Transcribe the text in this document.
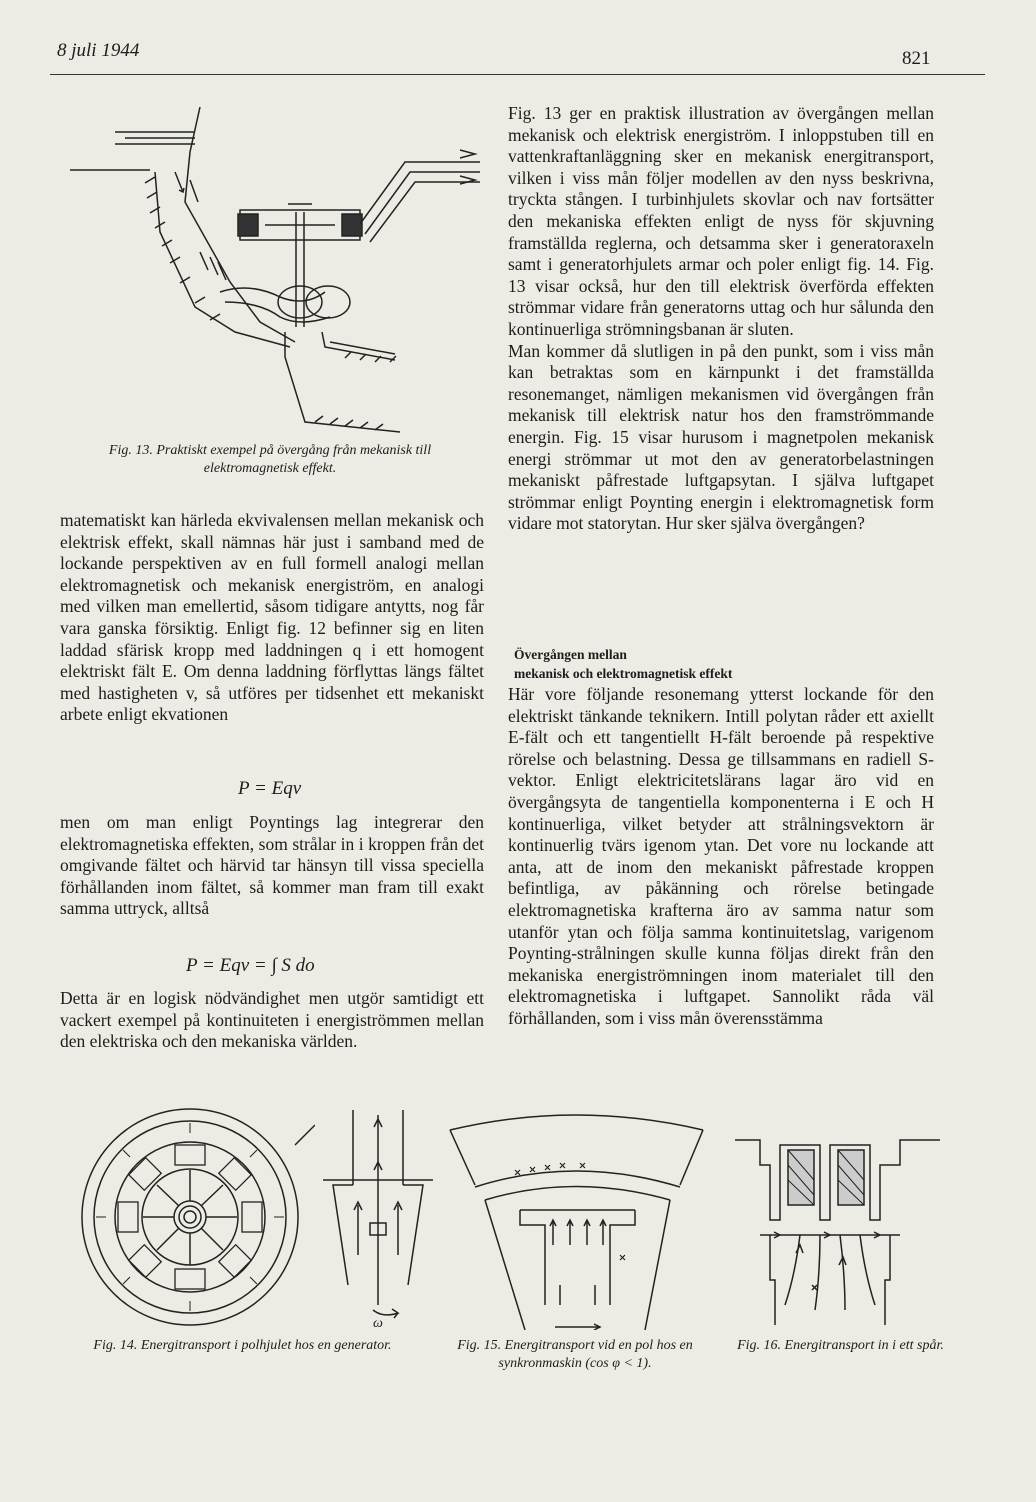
8 juli 1944	821
Fig. 13. Praktiskt exempel på övergång från mekanisk till elektromagnetisk effekt.

matematiskt kan härleda ekvivalensen mellan mekanisk och elektrisk effekt, skall nämnas här just i samband med de lockande perspektiven av en full formell analogi mellan elektromagnetisk och mekanisk energiström, en analogi med vilken man emellertid, såsom tidigare antytts, nog får vara ganska försiktig. Enligt fig. 12 befinner sig en liten laddad sfärisk kropp med laddningen q i ett homogent elektriskt fält E. Om denna laddning förflyttas längs fältet med hastigheten v, så utföres per tidsenhet ett mekaniskt arbete enligt ekvationen

P = Eqv

men om man enligt Poyntings lag integrerar den elektromagnetiska effekten, som strålar in i kroppen från det omgivande fältet och härvid tar hänsyn till vissa speciella förhållanden inom fältet, så kommer man fram till exakt samma uttryck, alltså

P = Eqv = ∫ S do

Detta är en logisk nödvändighet men utgör samtidigt ett vackert exempel på kontinuiteten i energiströmmen mellan den elektriska och den mekaniska världen.

Fig. 13 ger en praktisk illustration av övergången mellan mekanisk och elektrisk energiström. I inloppstuben till en vattenkraftanläggning sker en mekanisk energitransport, vilken i viss mån följer modellen av den nyss beskrivna, tryckta stången. I turbinhjulets skovlar och nav fortsätter den mekaniska effekten enligt de nyss för skjuvning framställda reglerna, och detsamma sker i generatoraxeln samt i generatorhjulets armar och poler enligt fig. 14. Fig. 13 visar också, hur den till elektrisk överförda effekten strömmar vidare från generatorns uttag och hur sålunda den kontinuerliga strömningsbanan är sluten.

Man kommer då slutligen in på den punkt, som i viss mån kan betraktas som en kärnpunkt i det framställda resonemanget, nämligen mekanismen vid övergången från mekanisk till elektrisk natur hos den framströmmande energin. Fig. 15 visar hurusom i magnetpolen mekanisk energi strömmar ut mot den av generatorbelastningen mekaniskt påfrestade luftgapsytan. I själva luftgapet strömmar enligt Poynting energin i elektromagnetisk form vidare mot statorytan. Hur sker själva övergången?

Övergången mellan
mekanisk och elektromagnetisk effekt

Här vore följande resonemang ytterst lockande för den elektriskt tänkande teknikern. Intill polytan råder ett axiellt E-fält och ett tangentiellt H-fält beroende på respektive rörelse och belastning. Dessa ge tillsammans en radiell S-vektor. Enligt elektricitetslärans lagar äro vid en övergångsyta de tangentiella komponenterna i E och H kontinuerliga, vilket betyder att strålningsvektorn är kontinuerlig tvärs igenom ytan. Det vore nu lockande att anta, att de inom den mekaniskt påfrestade kroppen befintliga, av påkänning och rörelse betingade elektromagnetiska krafterna äro av samma natur som utanför ytan och följa samma kontinuitetslag, varigenom Poynting-strålningen skulle kunna följas direkt från den mekaniska energiströmningen inom materialet till den elektromagnetiska i luftgapet. Sannolikt råda väl förhållanden, som i viss mån överensstämma

ω
Fig. 14. Energitransport i polhjulet hos en generator.	Fig. 15. Energitransport vid en pol hos en synkronmaskin (cos φ < 1).
Fig. 16. Energitransport in i ett spår.
